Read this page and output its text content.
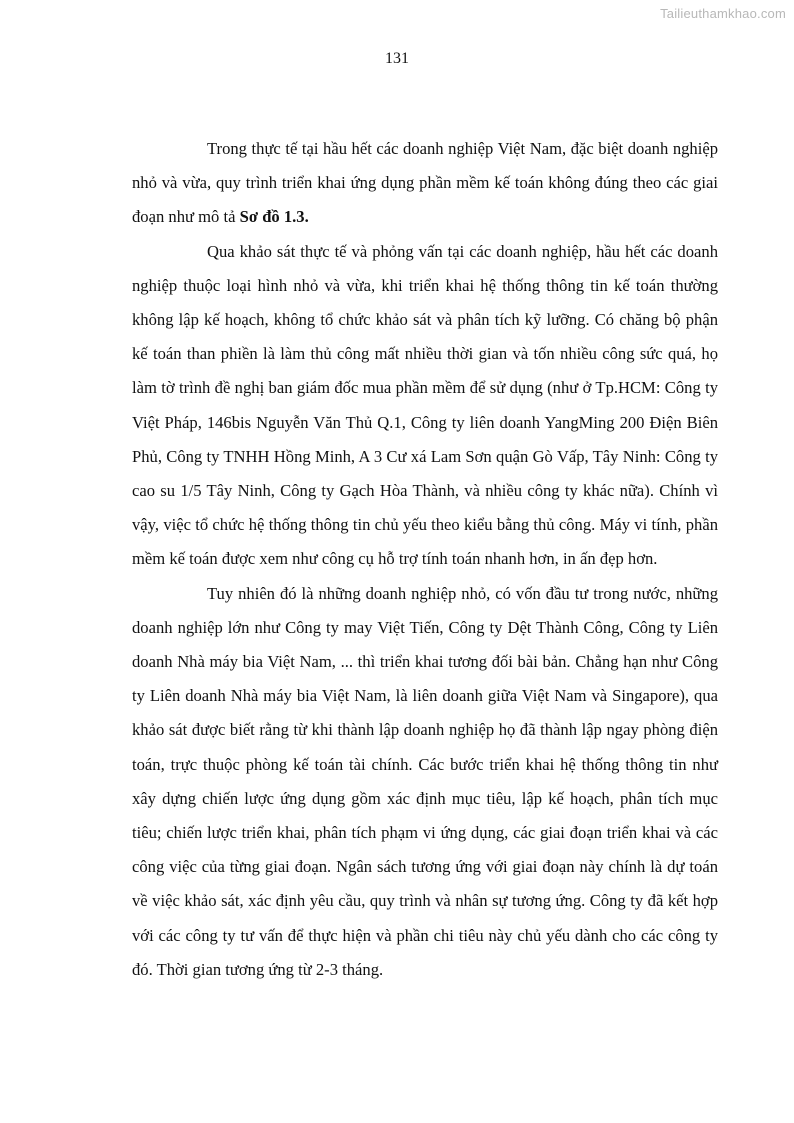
Tailieuthamkhao.com
131

Trong thực tế tại hầu hết các doanh nghiệp Việt Nam, đặc biệt doanh nghiệp nhỏ và vừa, quy trình triển khai ứng dụng phần mềm kế toán không đúng theo các giai đoạn như mô tả Sơ đồ 1.3.

Qua khảo sát thực tế và phỏng vấn tại các doanh nghiệp, hầu hết các doanh nghiệp thuộc loại hình nhỏ và vừa, khi triển khai hệ thống thông tin kế toán thường không lập kế hoạch, không tổ chức khảo sát và phân tích kỹ lưỡng. Có chăng bộ phận kế toán than phiền là làm thủ công mất nhiều thời gian và tốn nhiều công sức quá, họ làm tờ trình đề nghị ban giám đốc mua phần mềm để sử dụng (như ở Tp.HCM: Công ty Việt Pháp, 146bis Nguyễn Văn Thủ Q.1, Công ty liên doanh YangMing 200 Điện Biên Phủ, Công ty TNHH Hồng Minh, A 3 Cư xá Lam Sơn quận Gò Vấp, Tây Ninh: Công ty cao su 1/5 Tây Ninh, Công ty Gạch Hòa Thành, và nhiều công ty khác nữa). Chính vì vậy, việc tổ chức hệ thống thông tin chủ yếu theo kiểu bằng thủ công. Máy vi tính, phần mềm kế toán được xem như công cụ hỗ trợ tính toán nhanh hơn, in ấn đẹp hơn.

Tuy nhiên đó là những doanh nghiệp nhỏ, có vốn đầu tư trong nước, những doanh nghiệp lớn như Công ty may Việt Tiến, Công ty Dệt Thành Công, Công ty Liên doanh Nhà máy bia Việt Nam, ... thì triển khai tương đối bài bản. Chẳng hạn như Công ty Liên doanh Nhà máy bia Việt Nam, là liên doanh giữa Việt Nam và Singapore), qua khảo sát được biết rằng từ khi thành lập doanh nghiệp họ đã thành lập ngay phòng điện toán, trực thuộc phòng kế toán tài chính. Các bước triển khai hệ thống thông tin như xây dựng chiến lược ứng dụng gồm xác định mục tiêu, lập kế hoạch, phân tích mục tiêu; chiến lược triển khai, phân tích phạm vi ứng dụng, các giai đoạn triển khai và các công việc của từng giai đoạn. Ngân sách tương ứng với giai đoạn này chính là dự toán về việc khảo sát, xác định yêu cầu, quy trình và nhân sự tương ứng. Công ty đã kết hợp với các công ty tư vấn để thực hiện và phần chi tiêu này chủ yếu dành cho các công ty đó. Thời gian tương ứng từ 2-3 tháng.
